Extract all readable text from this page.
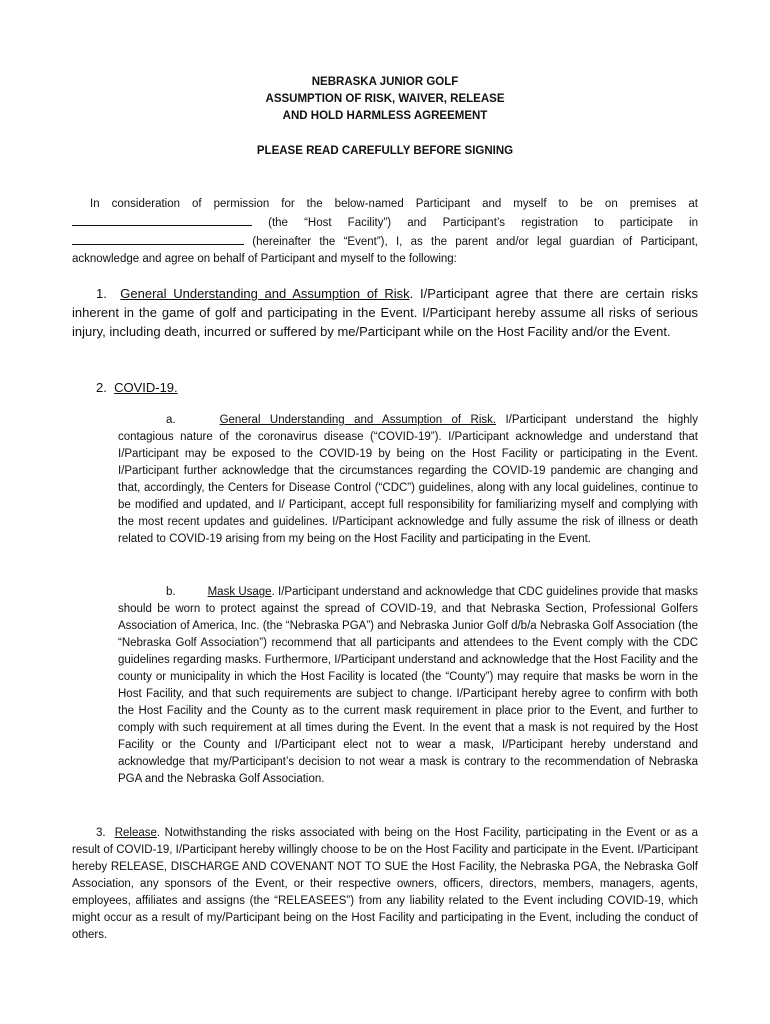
NEBRASKA JUNIOR GOLF
ASSUMPTION OF RISK, WAIVER, RELEASE
AND HOLD HARMLESS AGREEMENT
PLEASE READ CAREFULLY BEFORE SIGNING
In consideration of permission for the below-named Participant and myself to be on premises at  (the “Host Facility”) and Participant’s registration to participate in  (hereinafter the “Event”), I, as the parent and/or legal guardian of Participant, acknowledge and agree on behalf of Participant and myself to the following:
1. General Understanding and Assumption of Risk. I/Participant agree that there are certain risks inherent in the game of golf and participating in the Event. I/Participant hereby assume all risks of serious injury, including death, incurred or suffered by me/Participant while on the Host Facility and/or the Event.
2. COVID-19.
a.	General Understanding and Assumption of Risk. I/Participant understand the highly contagious nature of the coronavirus disease (“COVID-19”). I/Participant acknowledge and understand that I/Participant may be exposed to the COVID-19 by being on the Host Facility or participating in the Event. I/Participant further acknowledge that the circumstances regarding the COVID-19 pandemic are changing and that, accordingly, the Centers for Disease Control (“CDC”) guidelines, along with any local guidelines, continue to be modified and updated, and I/ Participant, accept full responsibility for familiarizing myself and complying with the most recent updates and guidelines. I/Participant acknowledge and fully assume the risk of illness or death related to COVID-19 arising from my being on the Host Facility and participating in the Event.
b.	Mask Usage. I/Participant understand and acknowledge that CDC guidelines provide that masks should be worn to protect against the spread of COVID-19, and that Nebraska Section, Professional Golfers Association of America, Inc. (the “Nebraska PGA”) and Nebraska Junior Golf d/b/a Nebraska Golf Association (the “Nebraska Golf Association”) recommend that all participants and attendees to the Event comply with the CDC guidelines regarding masks. Furthermore, I/Participant understand and acknowledge that the Host Facility and the county or municipality in which the Host Facility is located (the “County”) may require that masks be worn in the Host Facility, and that such requirements are subject to change. I/Participant hereby agree to confirm with both the Host Facility and the County as to the current mask requirement in place prior to the Event, and further to comply with such requirement at all times during the Event. In the event that a mask is not required by the Host Facility or the County and I/Participant elect not to wear a mask, I/Participant hereby understand and acknowledge that my/Participant’s decision to not wear a mask is contrary to the recommendation of Nebraska PGA and the Nebraska Golf Association.
3. Release. Notwithstanding the risks associated with being on the Host Facility, participating in the Event or as a result of COVID-19, I/Participant hereby willingly choose to be on the Host Facility and participate in the Event. I/Participant hereby RELEASE, DISCHARGE AND COVENANT NOT TO SUE the Host Facility, the Nebraska PGA, the Nebraska Golf Association, any sponsors of the Event, or their respective owners, officers, directors, members, managers, agents, employees, affiliates and assigns (the “RELEASEES”) from any liability related to the Event including COVID-19, which might occur as a result of my/Participant being on the Host Facility and participating in the Event, including the conduct of others.
